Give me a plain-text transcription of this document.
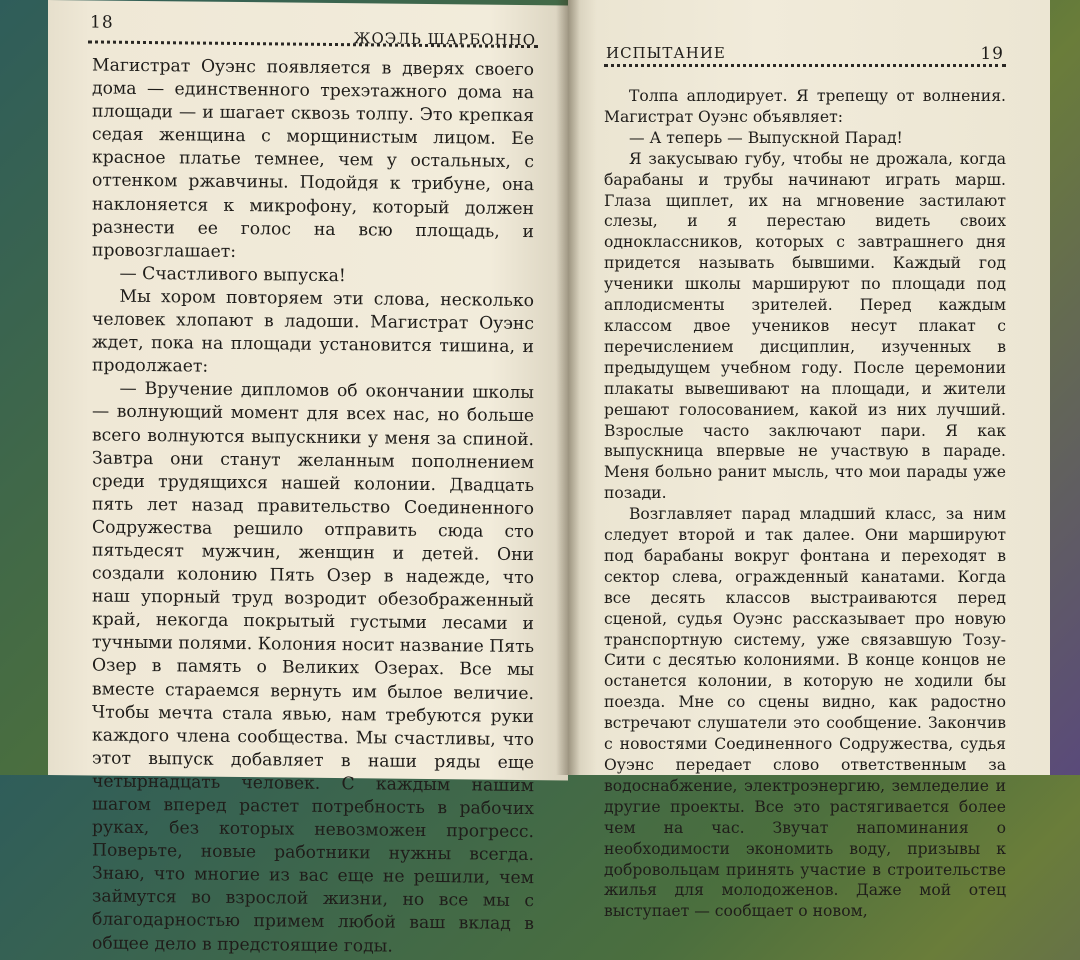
18
ЖОЭЛЬ ШАРБОННО

Магистрат Оуэнс появляется в дверях своего дома — единственного трехэтажного дома на площади — и шагает сквозь толпу. Это крепкая седая женщина с морщинистым лицом. Ее красное платье темнее, чем у остальных, с оттенком ржавчины. Подойдя к трибуне, она наклоняется к микрофону, который должен разнести ее голос на всю площадь, и провозглашает:

— Счастливого выпуска!

Мы хором повторяем эти слова, несколько человек хлопают в ладоши. Магистрат Оуэнс ждет, пока на площади установится тишина, и продолжает:

— Вручение дипломов об окончании школы — волнующий момент для всех нас, но больше всего волнуются выпускники у меня за спиной. Завтра они станут желанным пополнением среди трудящихся нашей колонии. Двадцать пять лет назад правительство Соединенного Содружества решило отправить сюда сто пятьдесят мужчин, женщин и детей. Они создали колонию Пять Озер в надежде, что наш упорный труд возродит обезображенный край, некогда покрытый густыми лесами и тучными полями. Колония носит название Пять Озер в память о Великих Озерах. Все мы вместе стараемся вернуть им былое величие. Чтобы мечта стала явью, нам требуются руки каждого члена сообщества. Мы счастливы, что этот выпуск добавляет в наши ряды еще четырнадцать человек. С каждым нашим шагом вперед растет потребность в рабочих руках, без которых невозможен прогресс. Поверьте, новые работники нужны всегда. Знаю, что многие из вас еще не решили, чем займутся во взрослой жизни, но все мы с благодарностью примем любой ваш вклад в общее дело в предстоящие годы.

ИСПЫТАНИЕ	19

Толпа аплодирует. Я трепещу от волнения. Магистрат Оуэнс объявляет:

— А теперь — Выпускной Парад!

Я закусываю губу, чтобы не дрожала, когда барабаны и трубы начинают играть марш. Глаза щиплет, их на мгновение застилают слезы, и я перестаю видеть своих одноклассников, которых с завтрашнего дня придется называть бывшими. Каждый год ученики школы маршируют по площади под аплодисменты зрителей. Перед каждым классом двое учеников несут плакат с перечислением дисциплин, изученных в предыдущем учебном году. После церемонии плакаты вывешивают на площади, и жители решают голосованием, какой из них лучший. Взрослые часто заключают пари. Я как выпускница впервые не участвую в параде. Меня больно ранит мысль, что мои парады уже позади.

Возглавляет парад младший класс, за ним следует второй и так далее. Они маршируют под барабаны вокруг фонтана и переходят в сектор слева, огражденный канатами. Когда все десять классов выстраиваются перед сценой, судья Оуэнс рассказывает про новую транспортную систему, уже связавшую Тозу-Сити с десятью колониями. В конце концов не останется колонии, в которую не ходили бы поезда. Мне со сцены видно, как радостно встречают слушатели это сообщение. Закончив с новостями Соединенного Содружества, судья Оуэнс передает слово ответственным за водоснабжение, электроэнергию, земледелие и другие проекты. Все это растягивается более чем на час. Звучат напоминания о необходимости экономить воду, призывы к добровольцам принять участие в строительстве жилья для молодоженов. Даже мой отец выступает — сообщает о новом,
